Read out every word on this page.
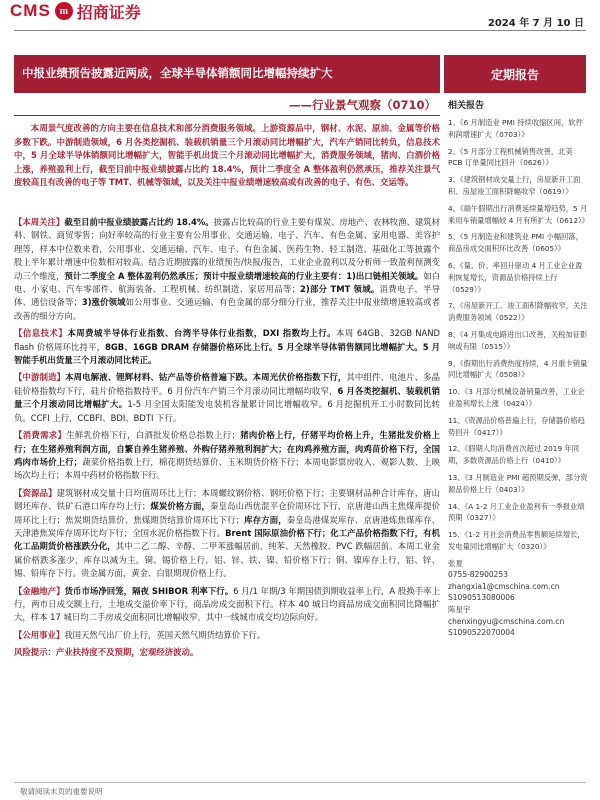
CMS m 招商证券
2024 年 7 月 10 日
中报业绩预告披露近两成，全球半导体销额同比增幅持续扩大	定期报告
——行业景气观察（0710）
本周景气度改善的方向主要在信息技术和部分消费服务领域。上游资源品中，钢材、水泥、原油、金属等价格多数下跌。中游制造领域，6 月各类挖掘机、装载机销量三个月滚动同比增幅扩大，汽车产销同比转负，信息技术中，5 月全球半导体销额同比增幅扩大，智能手机出货三个月滚动同比增幅扩大，消费服务领域，猪肉、白酒价格上涨，养殖盈利上行，截至目前中报业绩披露占比约 18.4%，预计二季度全 A 整体盈利仍然承压，推荐关注景气度较高且有改善的电子等 TMT、机械等领域，以及关注中报业绩增速较高或有改善的电子、有色、交运等。
【本周关注】截至目前中报业绩披露占比约 18.4%。披露占比较高的行业主要有煤炭、房地产、农林牧渔、建筑材料、钢铁、商贸零售；向好率较高的行业主要有公用事业、交通运输、电子、汽车、有色金属、家用电器、美容护理等，样本中位数来看，公用事业、交通运输、汽车、电子、有色金属、医药生物、轻工制造、基础化工等披露个股上半年累计增速中位数相对较高。结合近期披露的业绩预告/快报/报告，工业企业盈利以及分析师一致盈利预测变动三个维度，预计二季度全 A 整体盈利仍然承压；预计中报业绩增速较高的行业主要有：1)出口链相关领域。如白电、小家电、汽车零部件、航海装备、工程机械、纺织制造、家居用品等；2)部分 TMT 领域。消费电子、半导体、通信设备等；3)涨价领域如公用事业、交通运输、有色金属的部分细分行业，推荐关注中报业绩增速较高或者改善的细分方向。
【信息技术】本周费城半导体行业指数、台湾半导体行业指数，DXI 指数均上行。本周 64GB、32GB NAND flash 价格周环比持平，8GB、16GB DRAM 存储器价格环比上行。5 月全球半导体销售额同比增幅扩大。5 月智能手机出货量三个月滚动同比转正。
【中游制造】本周电解液、锂辉材料、钴产品等价格普遍下跌。本周光伏价格指数下行，其中组件、电池片、多晶硅价格指数均下行，硅片价格指数持平。6 月份汽车产销三个月滚动同比增幅均收窄，6 月各类挖掘机、装载机销量三个月滚动同比增幅扩大。1-5 月全国太阳能发电装机容量累计同比增幅收窄。6 月挖掘机开工小时数同比转负。CCFI 上行，CCBFI、BDI、BDTI 下行。
【消费需求】生鲜乳价格下行，白酒批发价格总指数上行；猪肉价格上行，仔猪平均价格上升，生猪批发价格上行；在生猪养殖利润方面，自繁自养生猪养殖、外购仔猪养殖利润扩大；在肉鸡养殖方面，肉鸡苗价格下行，全国鸡肉市场价上行；蔬菜价格指数上行，棉花期货结算价、玉米期货价格下行；本周电影票房收入、观影人数、上映场次均上行；本周中药材价格指数下行。
【资源品】建筑钢材成交量十日均值周环比上行；本周螺纹钢价格、钢坯价格下行；主要钢材品种合计库存、唐山钢坯库存、铁矿石港口库存均上行；煤炭价格方面，秦皇岛山西优混平仓价周环比下行，京唐港山西主焦煤库提价周环比上行；焦炭期货结算价、焦煤期货结算价周环比下行；库存方面，秦皇岛港煤炭库存、京唐港炼焦煤库存、天津港焦炭库存周环比均下行；全国水泥价格指数下行。Brent 国际原油价格下行；化工产品价格指数下行，有机化工品期货价格涨跌分化，其中二乙二醇、辛醇、二甲苯涨幅居前，纯苯、天然橡胶、PVC 跌幅居前。本周工业金属价格跌多涨少，库存以减为主。铜、锡价格上行，铝、锌、铁、镍、铅价格下行；铜、镍库存上行，铝、锌、锡、铅库存下行。贵金属方面，黄金、白银期现价格上行。
【金融地产】货币市场净回笼，隔夜 SHIBOR 利率下行。6 月/1 年期/3 年期国债到期收益率上行，A 股换手率上行，两市日成交额上行，土地成交溢价率下行，商品房成交面积下行。样本 40 城日均商品房成交面积同比降幅扩大，样本 17 城日均二手房成交面积同比增幅收窄，其中一线城市成交均边际向好。
【公用事业】我国天然气出厂价上行，英国天然气期货结算价下行。
风险提示：产业扶持度不及预期，宏观经济波动。
相关报告
1、《6 月制造业 PMI 持续收缩区间，软件利润增速扩大（0703）》
2、《5 月部分工程机械销售改善，北美 PCB 订单量同比回升（0626）》
3、《建筑钢材成交量上行，房屋新开工面积、房屋竣工面积降幅收窄（0619）》
4、《端午假期出行消费延续量增趋势，5 月乘用车销量增幅较 4 月有所扩大（0612）》
5、《5 月制造业和建筑业 PMI 小幅回落，商品房成交面积环比改善（0605）》
6、《量、价、率回升驱动 4 月工业企业盈利恢复增长，资源品价格持续上行（0529）》
7、《房屋新开工、竣工面积降幅收窄，关注消费服务领域（0522）》
8、《4 月集成电路进出口改善，关税加征影响或有限（0515）》
9、《假期出行消费热度持续，4 月重卡销量同比增幅扩大（0508）》
10、《3 月部分机械设备销量改善，工业企业盈利增长上涨（0424）》
11、《资源品价格普遍上行，存储器价格趋势回升（0417）》
12、《假期人均消费首次超过 2019 年同期，多数资源品价格上行（0410）》
13、《3 月制造业 PMI 超预期反弹，部分资源品价格上行（0403）》
14、《A 1-2 月工业企业盈利有一季报业绩预期（0327）》
15、《1-2 月社会消费品零售额延续增长，发电量同比增幅扩大（0320）》
张夏
0755-82900253
zhangxia1@cmschina.com.cn
S1090513080006
陈星宇
chenxingyu@cmschina.com.cn
S1090522070004
敬请阅读末页的重要说明
